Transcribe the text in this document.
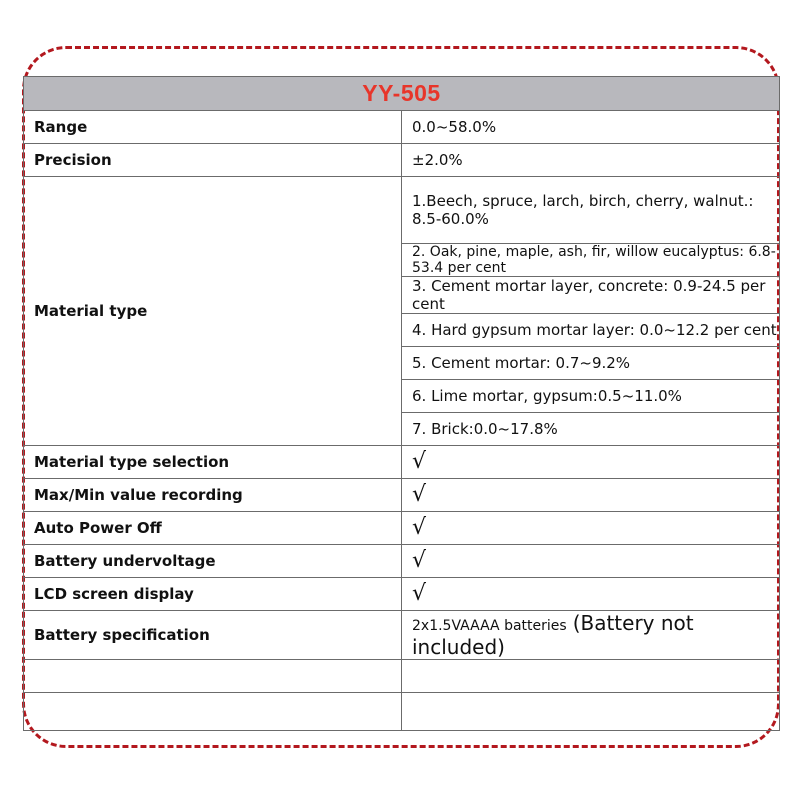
YY-505	
Range	0.0~58.0%
Precision	±2.0%
Material type	1.Beech, spruce, larch, birch, cherry, walnut.: 8.5-60.0%
	2. Oak, pine, maple, ash, fir, willow eucalyptus: 6.8-53.4 per cent
	3. Cement mortar layer, concrete: 0.9-24.5 per cent
	4. Hard gypsum mortar layer: 0.0~12.2 per cent
	5. Cement mortar: 0.7~9.2%
	6. Lime mortar, gypsum:0.5~11.0%
	7. Brick:0.0~17.8%
Material type selection	√
Max/Min value recording	√
Auto Power Off	√
Battery undervoltage	√
LCD screen display	√
Battery specification	2x1.5VAAAA batteries (Battery not included)
